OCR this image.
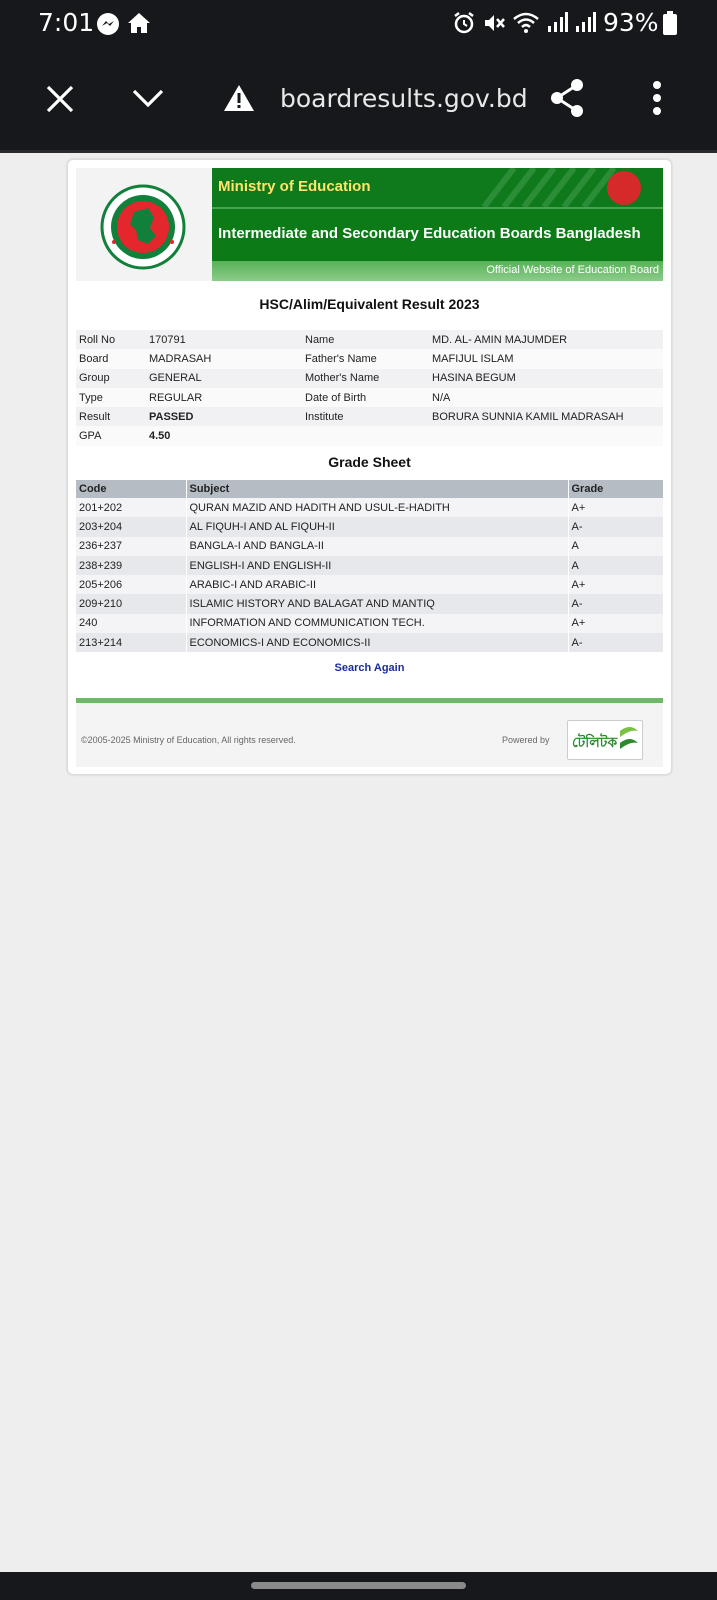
7:01	93%
boardresults.gov.bd
Ministry of Education
Intermediate and Secondary Education Boards Bangladesh
Official Website of Education Board
HSC/Alim/Equivalent Result 2023
Roll No	170791	Name	MD. AL- AMIN MAJUMDER
Board	MADRASAH	Father's Name	MAFIJUL ISLAM
Group	GENERAL	Mother's Name	HASINA BEGUM
Type	REGULAR	Date of Birth	N/A
Result	PASSED	Institute	BORURA SUNNIA KAMIL MADRASAH
GPA	4.50		
Grade Sheet
Code	Subject	Grade
201+202	QURAN MAZID AND HADITH AND USUL-E-HADITH	A+
203+204	AL FIQUH-I AND AL FIQUH-II	A-
236+237	BANGLA-I AND BANGLA-II	A
238+239	ENGLISH-I AND ENGLISH-II	A
205+206	ARABIC-I AND ARABIC-II	A+
209+210	ISLAMIC HISTORY AND BALAGAT AND MANTIQ	A-
240	INFORMATION AND COMMUNICATION TECH.	A+
213+214	ECONOMICS-I AND ECONOMICS-II	A-
Search Again
©2005-2025 Ministry of Education, All rights reserved.	Powered by টেলিটক
